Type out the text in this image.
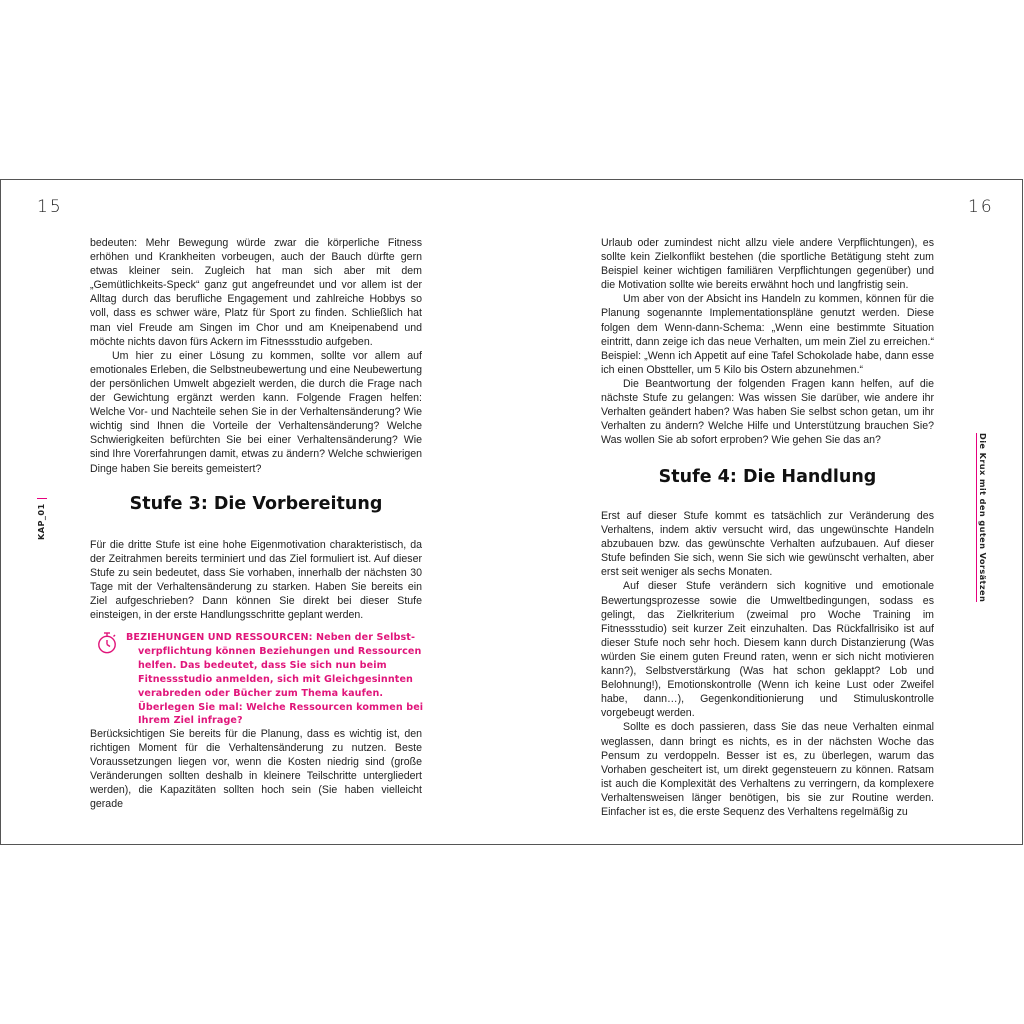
15	16
KAP_01	Die Krux mit den guten Vorsätzen

bedeuten: Mehr Bewegung würde zwar die körperliche Fitness erhöhen und Krankheiten vorbeugen, auch der Bauch dürfte gern etwas kleiner sein. Zugleich hat man sich aber mit dem „Gemütlichkeits-Speck“ ganz gut angefreundet und vor allem ist der Alltag durch das berufliche Engagement und zahlreiche Hobbys so voll, dass es schwer wäre, Platz für Sport zu finden. Schließlich hat man viel Freude am Singen im Chor und am Kneipenabend und möchte nichts davon fürs Ackern im Fitnessstudio aufgeben.

Um hier zu einer Lösung zu kommen, sollte vor allem auf emotionales Erleben, die Selbstneubewertung und eine Neubewertung der persönlichen Umwelt abgezielt werden, die durch die Frage nach der Gewichtung ergänzt werden kann. Folgende Fragen helfen: Welche Vor- und Nachteile sehen Sie in der Verhaltensänderung? Wie wichtig sind Ihnen die Vorteile der Verhaltensänderung? Welche Schwierigkeiten befürchten Sie bei einer Verhaltensänderung? Wie sind Ihre Vorerfahrungen damit, etwas zu ändern? Welche schwierigen Dinge haben Sie bereits gemeistert?

Stufe 3: Die Vorbereitung

Für die dritte Stufe ist eine hohe Eigenmotivation charakteristisch, da der Zeitrahmen bereits terminiert und das Ziel formuliert ist. Auf dieser Stufe zu sein bedeutet, dass Sie vorhaben, innerhalb der nächsten 30 Tage mit der Verhaltensänderung zu starken. Haben Sie bereits ein Ziel aufgeschrieben? Dann können Sie direkt bei dieser Stufe einsteigen, in der erste Handlungsschritte geplant werden.

BEZIEHUNGEN UND RESSOURCEN: Neben der Selbst-
verpflichtung können Beziehungen und Ressourcen helfen. Das bedeutet, dass Sie sich nun beim Fitnessstudio anmelden, sich mit Gleichgesinnten verabreden oder Bücher zum Thema kaufen. Überlegen Sie mal: Welche Ressourcen kommen bei Ihrem Ziel infrage?

Berücksichtigen Sie bereits für die Planung, dass es wichtig ist, den richtigen Moment für die Verhaltensänderung zu nutzen. Beste Voraussetzungen liegen vor, wenn die Kosten niedrig sind (große Veränderungen sollten deshalb in kleinere Teilschritte untergliedert werden), die Kapazitäten sollten hoch sein (Sie haben vielleicht gerade

Urlaub oder zumindest nicht allzu viele andere Verpflichtungen), es sollte kein Zielkonflikt bestehen (die sportliche Betätigung steht zum Beispiel keiner wichtigen familiären Verpflichtungen gegenüber) und die Motivation sollte wie bereits erwähnt hoch und langfristig sein.

Um aber von der Absicht ins Handeln zu kommen, können für die Planung sogenannte Implementationspläne genutzt werden. Diese folgen dem Wenn-dann-Schema: „Wenn eine bestimmte Situation eintritt, dann zeige ich das neue Verhalten, um mein Ziel zu erreichen.“ Beispiel: „Wenn ich Appetit auf eine Tafel Schokolade habe, dann esse ich einen Obstteller, um 5 Kilo bis Ostern abzunehmen.“

Die Beantwortung der folgenden Fragen kann helfen, auf die nächste Stufe zu gelangen: Was wissen Sie darüber, wie andere ihr Verhalten geändert haben? Was haben Sie selbst schon getan, um ihr Verhalten zu ändern? Welche Hilfe und Unterstützung brauchen Sie? Was wollen Sie ab sofort erproben? Wie gehen Sie das an?

Stufe 4: Die Handlung

Erst auf dieser Stufe kommt es tatsächlich zur Veränderung des Verhaltens, indem aktiv versucht wird, das ungewünschte Handeln abzubauen bzw. das gewünschte Verhalten aufzubauen. Auf dieser Stufe befinden Sie sich, wenn Sie sich wie gewünscht verhalten, aber erst seit weniger als sechs Monaten.

Auf dieser Stufe verändern sich kognitive und emotionale Bewertungsprozesse sowie die Umweltbedingungen, sodass es gelingt, das Zielkriterium (zweimal pro Woche Training im Fitnessstudio) seit kurzer Zeit einzuhalten. Das Rückfallrisiko ist auf dieser Stufe noch sehr hoch. Diesem kann durch Distanzierung (Was würden Sie einem guten Freund raten, wenn er sich nicht motivieren kann?), Selbstverstärkung (Was hat schon geklappt? Lob und Belohnung!), Emotionskontrolle (Wenn ich keine Lust oder Zweifel habe, dann…), Gegenkonditionierung und Stimuluskontrolle vorgebeugt werden.

Sollte es doch passieren, dass Sie das neue Verhalten einmal weglassen, dann bringt es nichts, es in der nächsten Woche das Pensum zu verdoppeln. Besser ist es, zu überlegen, warum das Vorhaben gescheitert ist, um direkt gegensteuern zu können. Ratsam ist auch die Komplexität des Verhaltens zu verringern, da komplexere Verhaltensweisen länger benötigen, bis sie zur Routine werden. Einfacher ist es, die erste Sequenz des Verhaltens regelmäßig zu
